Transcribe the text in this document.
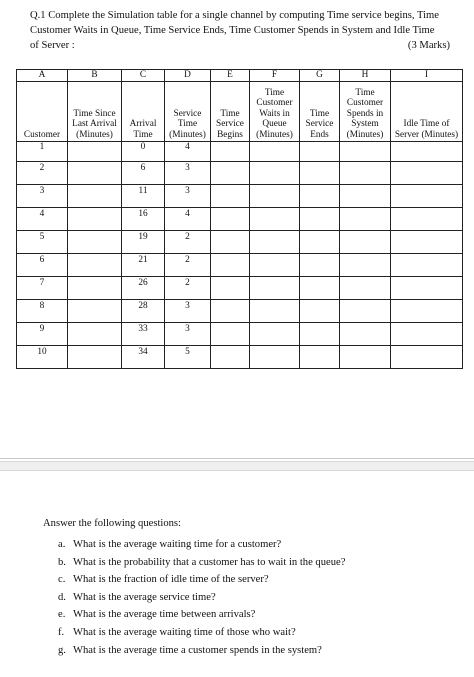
Q.1 Complete the Simulation table for a single channel by computing Time service begins, Time
Customer Waits in Queue, Time Service Ends, Time Customer Spends in System and Idle Time
of Server :	(3 Marks)
A	B	C	D	E	F	G	H	I
Customer	Time Since Last Arrival (Minutes)	Arrival Time	Service Time (Minutes)	Time Service Begins	Time Customer Waits in Queue (Minutes)	Time Service Ends	Time Customer Spends in System (Minutes)	Idle Time of Server (Minutes)
1		0	4					
2		6	3					
3		11	3					
4		16	4					
5		19	2					
6		21	2					
7		26	2					
8		28	3					
9		33	3					
10		34	5					
Answer the following questions:
a. What is the average waiting time for a customer?
b. What is the probability that a customer has to wait in the queue?
c. What is the fraction of idle time of the server?
d. What is the average service time?
e. What is the average time between arrivals?
f. What is the average waiting time of those who wait?
g. What is the average time a customer spends in the system?
